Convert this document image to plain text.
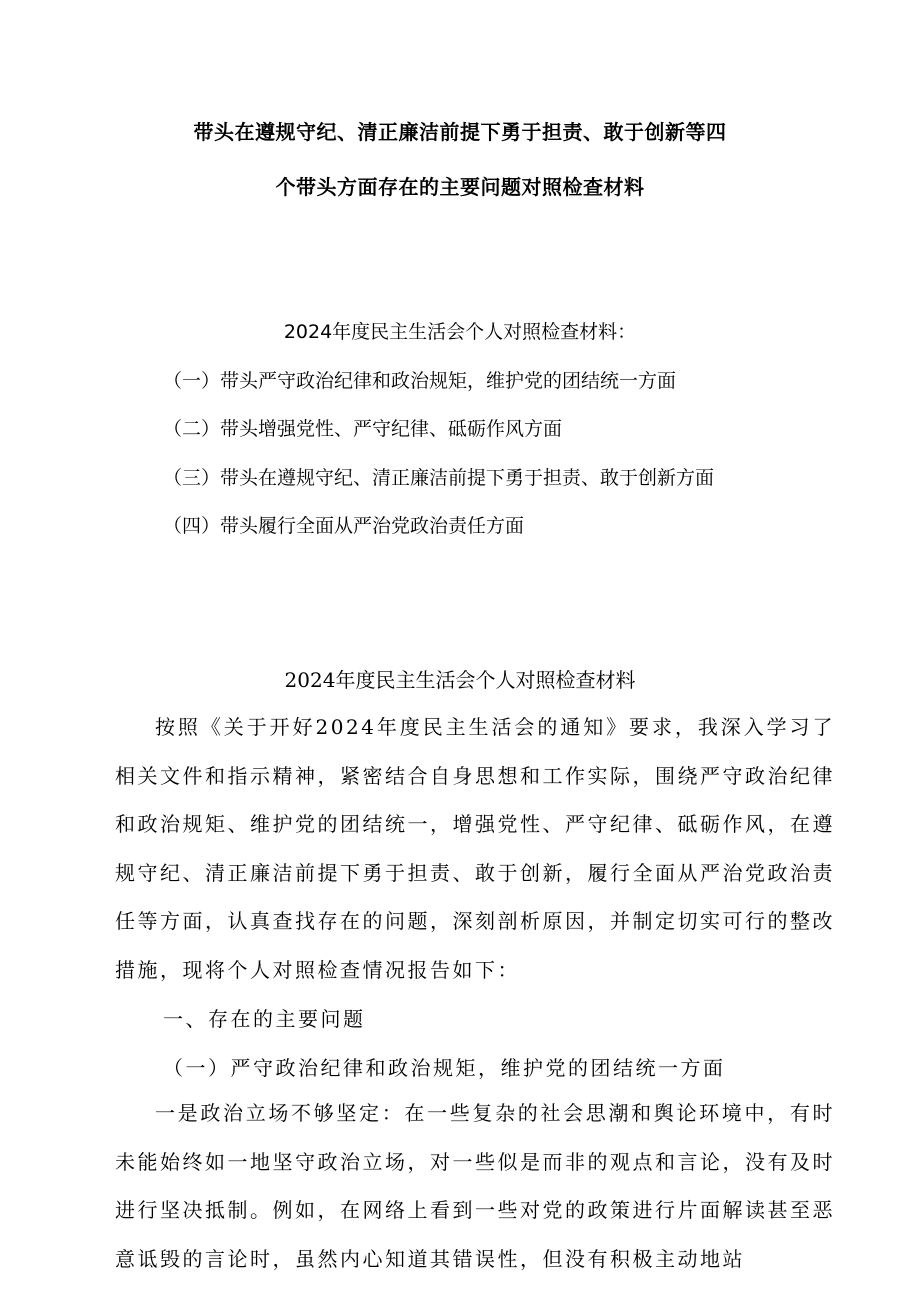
带头在遵规守纪、清正廉洁前提下勇于担责、敢于创新等四
个带头方面存在的主要问题对照检查材料
2024年度民主生活会个人对照检查材料：
（一）带头严守政治纪律和政治规矩，维护党的团结统一方面
（二）带头增强党性、严守纪律、砥砺作风方面
（三）带头在遵规守纪、清正廉洁前提下勇于担责、敢于创新方面
（四）带头履行全面从严治党政治责任方面
2024年度民主生活会个人对照检查材料

按照《关于开好2024年度民主生活会的通知》要求，我深入学习了相关文件和指示精神，紧密结合自身思想和工作实际，围绕严守政治纪律和政治规矩、维护党的团结统一，增强党性、严守纪律、砥砺作风，在遵规守纪、清正廉洁前提下勇于担责、敢于创新，履行全面从严治党政治责任等方面，认真查找存在的问题，深刻剖析原因，并制定切实可行的整改措施，现将个人对照检查情况报告如下：

一、存在的主要问题
（一）严守政治纪律和政治规矩，维护党的团结统一方面

一是政治立场不够坚定：在一些复杂的社会思潮和舆论环境中，有时未能始终如一地坚守政治立场，对一些似是而非的观点和言论，没有及时进行坚决抵制。例如，在网络上看到一些对党的政策进行片面解读甚至恶意诋毁的言论时，虽然内心知道其错误性，但没有积极主动地站
